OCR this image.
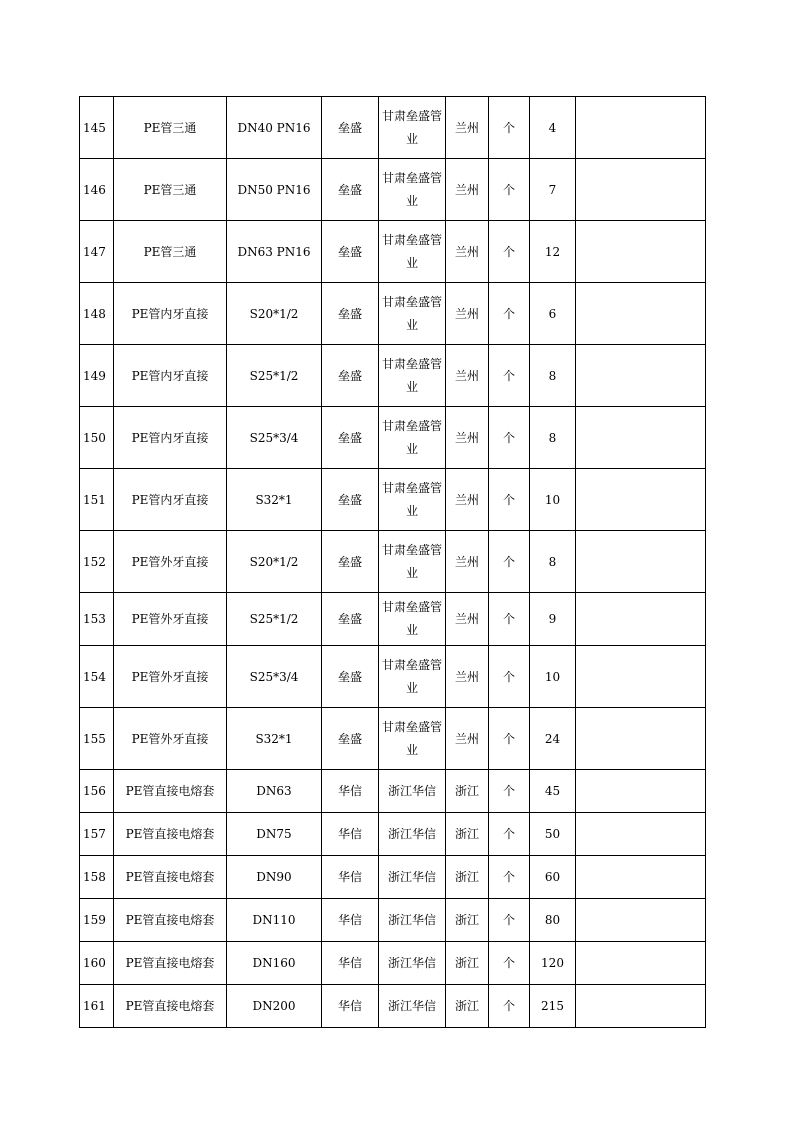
145	PE管三通	DN40 PN16	垒盛	甘肃垒盛管业	兰州	个	4	
146	PE管三通	DN50 PN16	垒盛	甘肃垒盛管业	兰州	个	7	
147	PE管三通	DN63 PN16	垒盛	甘肃垒盛管业	兰州	个	12	
148	PE管内牙直接	S20*1/2	垒盛	甘肃垒盛管业	兰州	个	6	
149	PE管内牙直接	S25*1/2	垒盛	甘肃垒盛管业	兰州	个	8	
150	PE管内牙直接	S25*3/4	垒盛	甘肃垒盛管业	兰州	个	8	
151	PE管内牙直接	S32*1	垒盛	甘肃垒盛管业	兰州	个	10	
152	PE管外牙直接	S20*1/2	垒盛	甘肃垒盛管业	兰州	个	8	
153	PE管外牙直接	S25*1/2	垒盛	甘肃垒盛管业	兰州	个	9	
154	PE管外牙直接	S25*3/4	垒盛	甘肃垒盛管业	兰州	个	10	
155	PE管外牙直接	S32*1	垒盛	甘肃垒盛管业	兰州	个	24	
156	PE管直接电熔套	DN63	华信	浙江华信	浙江	个	45	
157	PE管直接电熔套	DN75	华信	浙江华信	浙江	个	50	
158	PE管直接电熔套	DN90	华信	浙江华信	浙江	个	60	
159	PE管直接电熔套	DN110	华信	浙江华信	浙江	个	80	
160	PE管直接电熔套	DN160	华信	浙江华信	浙江	个	120	
161	PE管直接电熔套	DN200	华信	浙江华信	浙江	个	215	
